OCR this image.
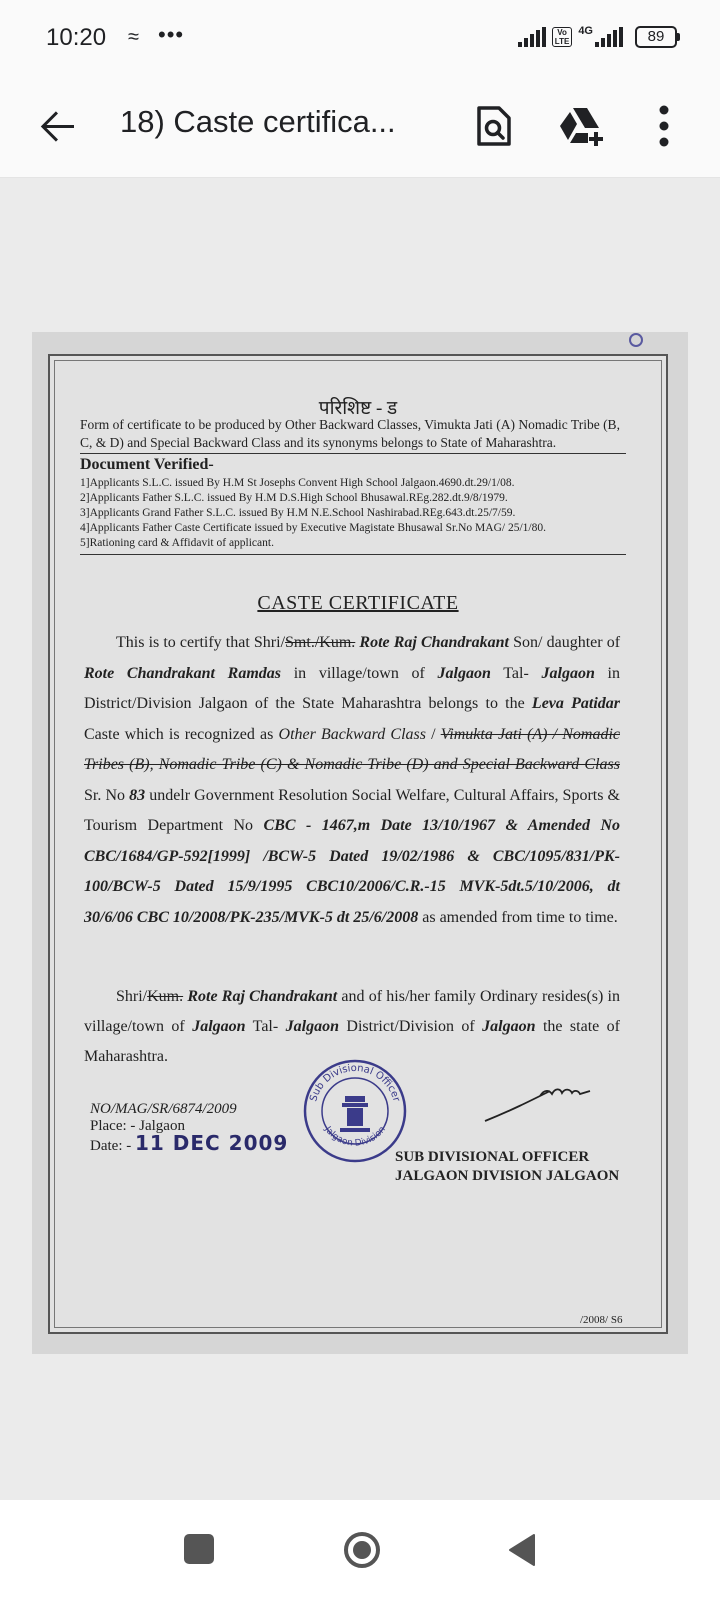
10:20 ≈ •••	Vo
LTE
4G	89
18) Caste certifica...
परिशिष्ट - ड
Form of certificate to be produced by Other Backward Classes, Vimukta Jati (A) Nomadic Tribe (B, C, & D) and Special Backward Class and its synonyms belongs to State of Maharashtra.
Document Verified-
1]Applicants S.L.C. issued By H.M St Josephs Convent High School Jalgaon.4690.dt.29/1/08.
2]Applicants Father S.L.C. issued By H.M D.S.High School Bhusawal.REg.282.dt.9/8/1979.
3]Applicants Grand Father S.L.C. issued By H.M N.E.School Nashirabad.REg.643.dt.25/7/59.
4]Applicants Father Caste Certificate issued by Executive Magistate Bhusawal Sr.No MAG/ 25/1/80.
5]Rationing card & Affidavit of applicant.
CASTE CERTIFICATE
  This is to certify that Shri/Smt./Kum. Rote Raj Chandrakant Son/ daughter of Rote Chandrakant Ramdas in village/town of Jalgaon Tal- Jalgaon in District/Division Jalgaon of the State Maharashtra belongs to the Leva Patidar Caste which is recognized as Other Backward Class / Vimukta Jati (A) / Nomadic Tribes (B), Nomadic Tribe (C) & Nomadic Tribe (D) and Special Backward Class Sr. No 83 undelr Government Resolution Social Welfare, Cultural Affairs, Sports & Tourism Department No CBC - 1467,m Date 13/10/1967 & Amended No CBC/1684/GP-592[1999] /BCW-5 Dated 19/02/1986 & CBC/1095/831/PK-100/BCW-5 Dated 15/9/1995 CBC10/2006/C.R.-15 MVK-5dt.5/10/2006, dt 30/6/06 CBC 10/2008/PK-235/MVK-5 dt 25/6/2008 as amended from time to time.
  Shri/Kum. Rote Raj Chandrakant and of his/her family Ordinary resides(s) in village/town of Jalgaon Tal- Jalgaon District/Division of Jalgaon the state of Maharashtra.
NO/MAG/SR/6874/2009
Place: - Jalgaon
Date: - 11 DEC 2009
Sub Divisional Officer
Jalgaon Division
SUB DIVISIONAL OFFICER
JALGAON DIVISION JALGAON
/2008/ S6
